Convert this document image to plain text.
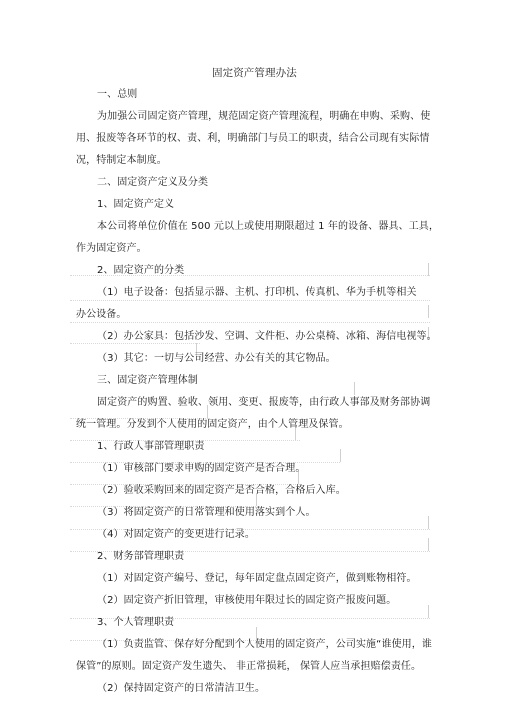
固定资产管理办法
一、总则
为加强公司固定资产管理，规范固定资产管理流程，明确在申购、采购、使
用、报废等各环节的权、责、利，明确部门与员工的职责，结合公司现有实际情
况，特制定本制度。
二、固定资产定义及分类
1、固定资产定义
本公司将单位价值在 500 元以上或使用期限超过 1 年的设备、器具、工具，
作为固定资产。
2、固定资产的分类
（1）电子设备：包括显示器、主机、打印机、传真机、华为手机等相关
办公设备。
（2）办公家具：包括沙发、空调、文件柜、办公桌椅、冰箱、海信电视等。
（3）其它：一切与公司经营、办公有关的其它物品。
三、固定资产管理体制
固定资产的购置、验收、领用、变更、报废等，由行政人事部及财务部协调
统一管理。分发到个人使用的固定资产，由个人管理及保管。
1、行政人事部管理职责
（1）审核部门要求申购的固定资产是否合理。
（2）验收采购回来的固定资产是否合格，合格后入库。
（3）将固定资产的日常管理和使用落实到个人。
（4）对固定资产的变更进行记录。
2、财务部管理职责
（1）对固定资产编号、登记，每年固定盘点固定资产，做到账物相符。
（2）固定资产折旧管理，审核使用年限过长的固定资产报废问题。
3、个人管理职责
（1）负责监管、保存好分配到个人使用的固定资产，公司实施“谁使用，谁
保管”的原则。固定资产发生遗失、 非正常损耗， 保管人应当承担赔偿责任。
（2）保持固定资产的日常清洁卫生。
